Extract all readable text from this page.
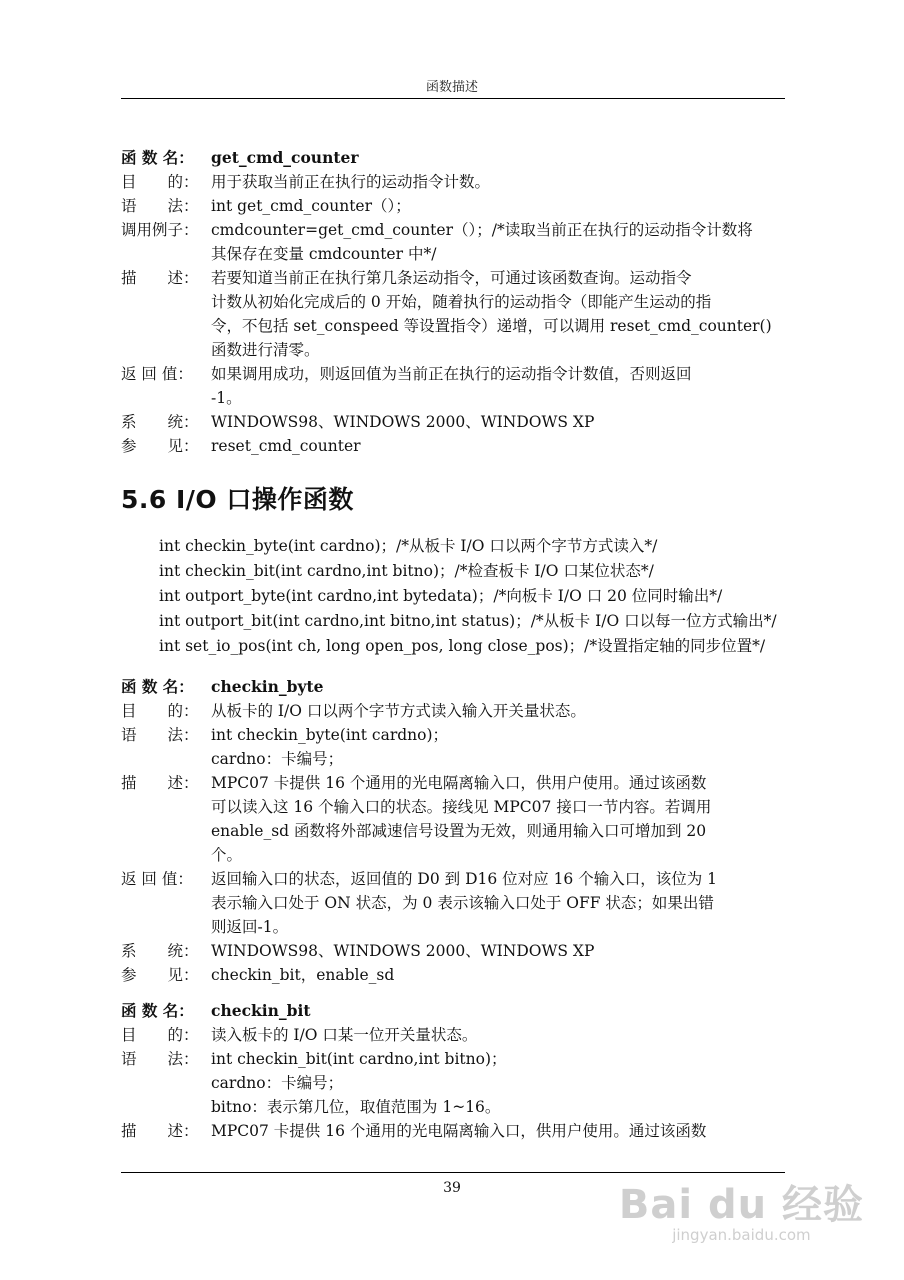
函数描述
函 数 名：	get_cmd_counter
目　　的： 用于获取当前正在执行的运动指令计数。
语　　法： int get_cmd_counter（）；
调用例子： cmdcounter=get_cmd_counter（）；/*读取当前正在执行的运动指令计数将
其保存在变量 cmdcounter 中*/
描　　述： 若要知道当前正在执行第几条运动指令，可通过该函数查询。运动指令
计数从初始化完成后的 0 开始，随着执行的运动指令（即能产生运动的指
令，不包括 set_conspeed 等设置指令）递增，可以调用 reset_cmd_counter()
函数进行清零。
返 回 值：	如果调用成功，则返回值为当前正在执行的运动指令计数值，否则返回
-1。
系　　统： WINDOWS98、WINDOWS 2000、WINDOWS XP
参　　见： reset_cmd_counter
5.6 I/O 口操作函数
int checkin_byte(int cardno)；/*从板卡 I/O 口以两个字节方式读入*/
int checkin_bit(int cardno,int bitno)；/*检查板卡 I/O 口某位状态*/
int outport_byte(int cardno,int bytedata)；/*向板卡 I/O 口 20 位同时输出*/
int outport_bit(int cardno,int bitno,int status)；/*从板卡 I/O 口以每一位方式输出*/
int set_io_pos(int ch, long open_pos, long close_pos)；/*设置指定轴的同步位置*/
函 数 名：	checkin_byte
目　　的： 从板卡的 I/O 口以两个字节方式读入输入开关量状态。
语　　法： int checkin_byte(int cardno)；
cardno：卡编号；
描　　述： MPC07 卡提供 16 个通用的光电隔离输入口，供用户使用。通过该函数
可以读入这 16 个输入口的状态。接线见 MPC07 接口一节内容。若调用
enable_sd 函数将外部减速信号设置为无效，则通用输入口可增加到 20
个。
返 回 值：	返回输入口的状态，返回值的 D0 到 D16 位对应 16 个输入口，该位为 1
表示输入口处于 ON 状态，为 0 表示该输入口处于 OFF 状态；如果出错
则返回-1。
系　　统： WINDOWS98、WINDOWS 2000、WINDOWS XP
参　　见： checkin_bit，enable_sd
函 数 名：	checkin_bit
目　　的： 读入板卡的 I/O 口某一位开关量状态。
语　　法： int checkin_bit(int cardno,int bitno)；
cardno：卡编号；
bitno：表示第几位，取值范围为 1~16。
描　　述： MPC07 卡提供 16 个通用的光电隔离输入口，供用户使用。通过该函数
39	Bai du 经验
jingyan.baidu.com
